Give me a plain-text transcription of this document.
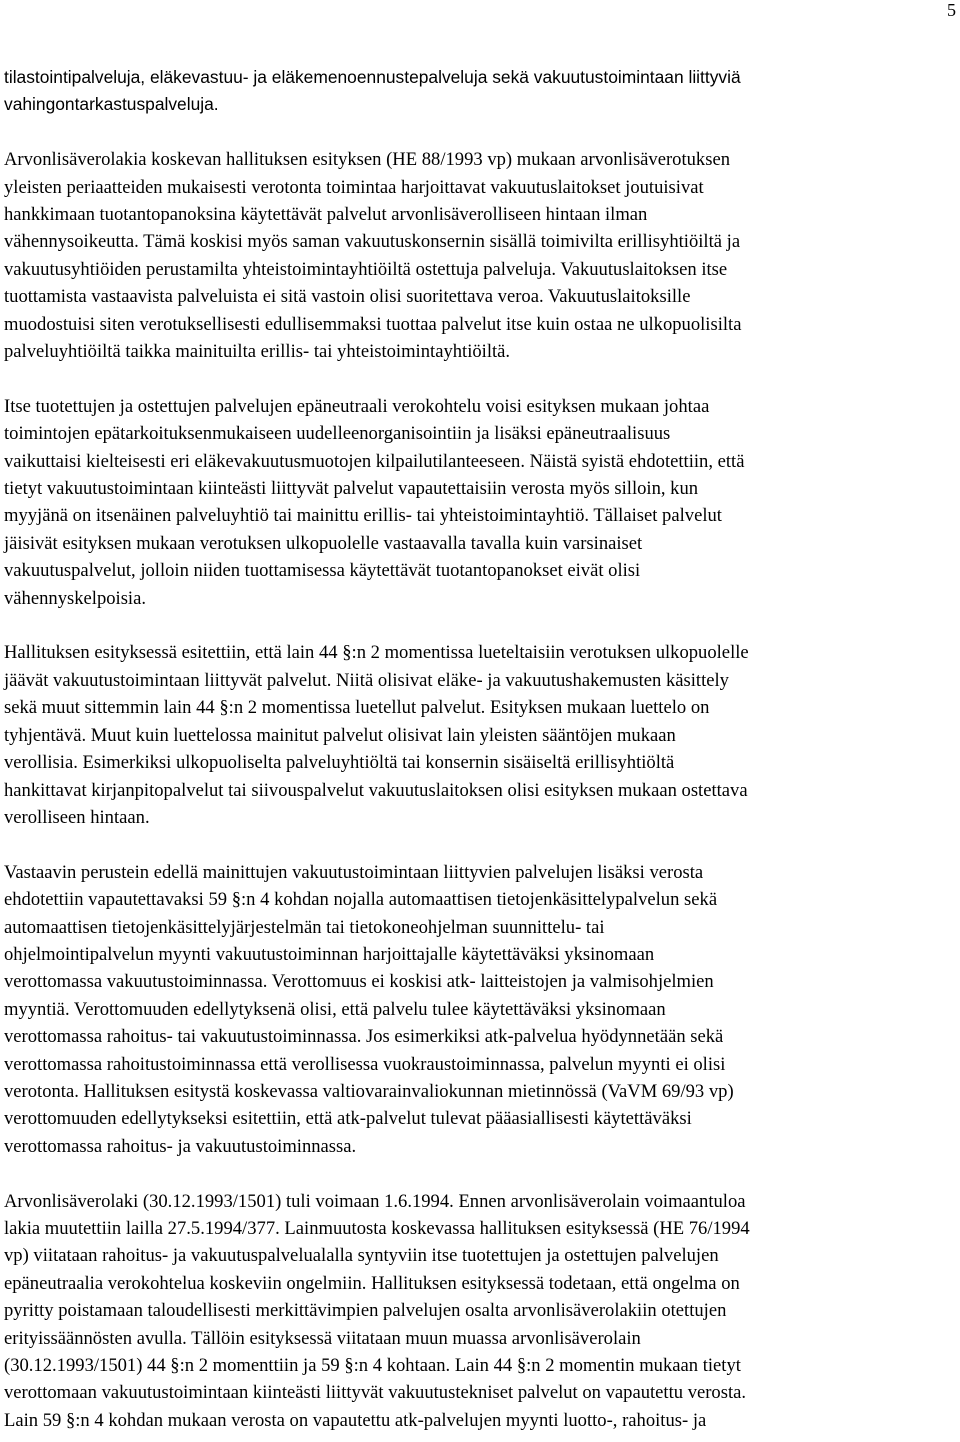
5
tilastointipalveluja, eläkevastuu- ja eläkemenoennustepalveluja sekä vakuutustoimintaan liittyviä
vahingontarkastuspalveluja.
Arvonlisäverolakia koskevan hallituksen esityksen (HE 88/1993 vp) mukaan arvonlisäverotuksen
yleisten periaatteiden mukaisesti verotonta toimintaa harjoittavat vakuutuslaitokset joutuisivat
hankkimaan tuotantopanoksina käytettävät palvelut arvonlisäverolliseen hintaan ilman
vähennysoikeutta. Tämä koskisi myös saman vakuutuskonsernin sisällä toimivilta erillisyhtiöiltä ja
vakuutusyhtiöiden perustamilta yhteistoimintayhtiöiltä ostettuja palveluja. Vakuutuslaitoksen itse
tuottamista vastaavista palveluista ei sitä vastoin olisi suoritettava veroa. Vakuutuslaitoksille
muodostuisi siten verotuksellisesti edullisemmaksi tuottaa palvelut itse kuin ostaa ne ulkopuolisilta
palveluyhtiöiltä taikka mainituilta erillis- tai yhteistoimintayhtiöiltä.
Itse tuotettujen ja ostettujen palvelujen epäneutraali verokohtelu voisi esityksen mukaan johtaa
toimintojen epätarkoituksenmukaiseen uudelleenorganisointiin ja lisäksi epäneutraalisuus
vaikuttaisi kielteisesti eri eläkevakuutusmuotojen kilpailutilanteeseen. Näistä syistä ehdotettiin, että
tietyt vakuutustoimintaan kiinteästi liittyvät palvelut vapautettaisiin verosta myös silloin, kun
myyjänä on itsenäinen palveluyhtiö tai mainittu erillis- tai yhteistoimintayhtiö. Tällaiset palvelut
jäisivät esityksen mukaan verotuksen ulkopuolelle vastaavalla tavalla kuin varsinaiset
vakuutuspalvelut, jolloin niiden tuottamisessa käytettävät tuotantopanokset eivät olisi
vähennyskelpoisia.
Hallituksen esityksessä esitettiin, että lain 44 §:n 2 momentissa lueteltaisiin verotuksen ulkopuolelle
jäävät vakuutustoimintaan liittyvät palvelut. Niitä olisivat eläke- ja vakuutushakemusten käsittely
sekä muut sittemmin lain 44 §:n 2 momentissa luetellut palvelut. Esityksen mukaan luettelo on
tyhjentävä. Muut kuin luettelossa mainitut palvelut olisivat lain yleisten sääntöjen mukaan
verollisia. Esimerkiksi ulkopuoliselta palveluyhtiöltä tai konsernin sisäiseltä erillisyhtiöltä
hankittavat kirjanpitopalvelut tai siivouspalvelut vakuutuslaitoksen olisi esityksen mukaan ostettava
verolliseen hintaan.
Vastaavin perustein edellä mainittujen vakuutustoimintaan liittyvien palvelujen lisäksi verosta
ehdotettiin vapautettavaksi 59 §:n 4 kohdan nojalla automaattisen tietojenkäsittelypalvelun sekä
automaattisen tietojenkäsittelyjärjestelmän tai tietokoneohjelman suunnittelu- tai
ohjelmointipalvelun myynti vakuutustoiminnan harjoittajalle käytettäväksi yksinomaan
verottomassa vakuutustoiminnassa. Verottomuus ei koskisi atk- laitteistojen ja valmisohjelmien
myyntiä. Verottomuuden edellytyksenä olisi, että palvelu tulee käytettäväksi yksinomaan
verottomassa rahoitus- tai vakuutustoiminnassa. Jos esimerkiksi atk-palvelua hyödynnetään sekä
verottomassa rahoitustoiminnassa että verollisessa vuokraustoiminnassa, palvelun myynti ei olisi
verotonta. Hallituksen esitystä koskevassa valtiovarainvaliokunnan mietinnössä (VaVM 69/93 vp)
verottomuuden edellytykseksi esitettiin, että atk-palvelut tulevat pääasiallisesti käytettäväksi
verottomassa rahoitus- ja vakuutustoiminnassa.
Arvonlisäverolaki (30.12.1993/1501) tuli voimaan 1.6.1994. Ennen arvonlisäverolain voimaantuloa
lakia muutettiin lailla 27.5.1994/377. Lainmuutosta koskevassa hallituksen esityksessä (HE 76/1994
vp) viitataan rahoitus- ja vakuutuspalvelualalla syntyviin itse tuotettujen ja ostettujen palvelujen
epäneutraalia verokohtelua koskeviin ongelmiin. Hallituksen esityksessä todetaan, että ongelma on
pyritty poistamaan taloudellisesti merkittävimpien palvelujen osalta arvonlisäverolakiin otettujen
erityissäännösten avulla. Tällöin esityksessä viitataan muun muassa arvonlisäverolain
(30.12.1993/1501) 44 §:n 2 momenttiin ja 59 §:n 4 kohtaan. Lain 44 §:n 2 momentin mukaan tietyt
verottomaan vakuutustoimintaan kiinteästi liittyvät vakuutustekniset palvelut on vapautettu verosta.
Lain 59 §:n 4 kohdan mukaan verosta on vapautettu atk-palvelujen myynti luotto-, rahoitus- ja
